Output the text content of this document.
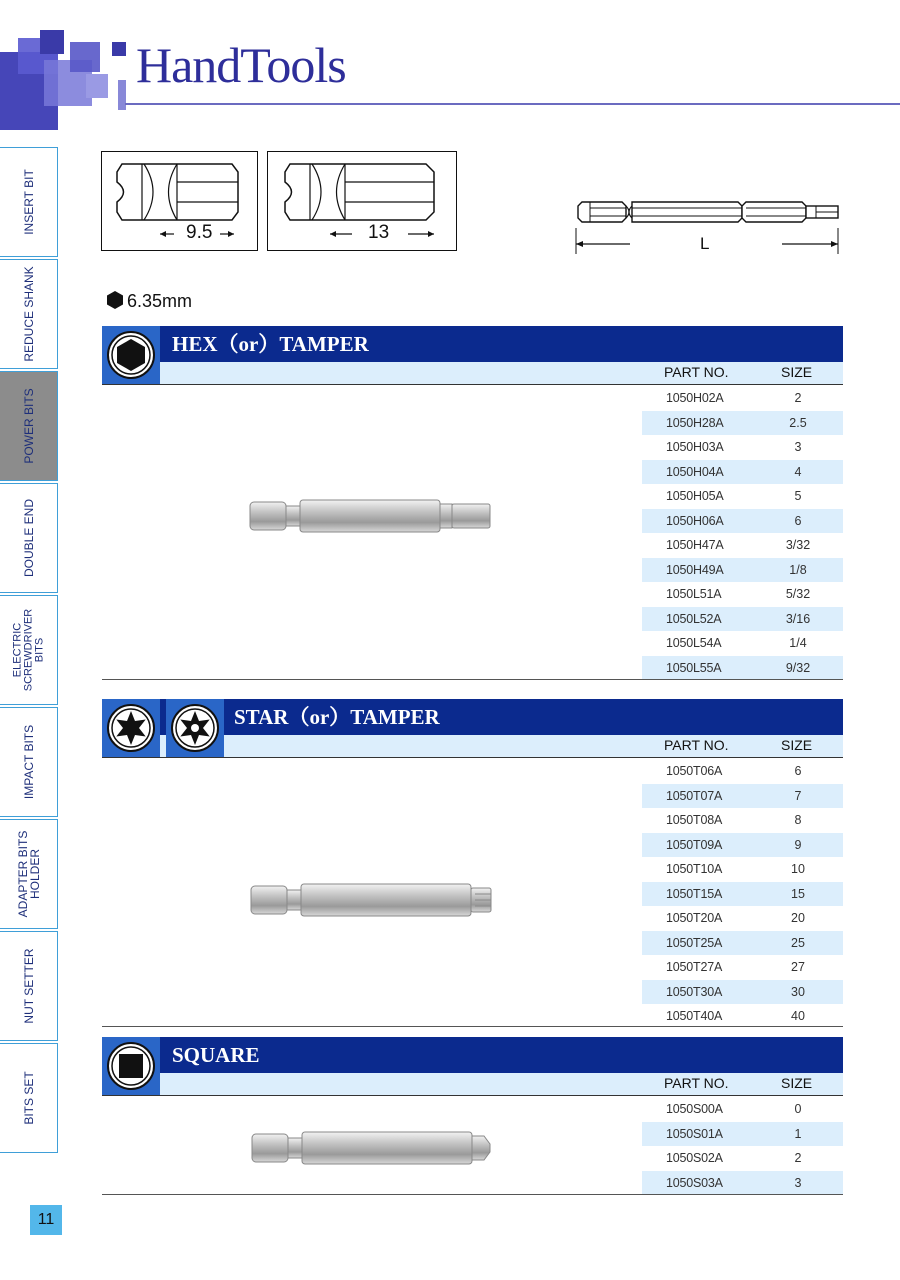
HandTools
INSERT BIT
REDUCE SHANK
POWER BITS
DOUBLE END
ELECTRIC SCREWDRIVER BITS
IMPACT BITS
ADAPTER BITS HOLDER
NUT SETTER
BITS SET
9.5	13
L
6.35mm
HEX（or）TAMPER
PART NO.	SIZE
1050H02A	2
1050H28A	2.5
1050H03A	3
1050H04A	4
1050H05A	5
1050H06A	6
1050H47A	3/32
1050H49A	1/8
1050L51A	5/32
1050L52A	3/16
1050L54A	1/4
1050L55A	9/32
STAR（or）TAMPER
PART NO.	SIZE
1050T06A	6
1050T07A	7
1050T08A	8
1050T09A	9
1050T10A	10
1050T15A	15
1050T20A	20
1050T25A	25
1050T27A	27
1050T30A	30
1050T40A	40
SQUARE
PART NO.	SIZE
1050S00A	0
1050S01A	1
1050S02A	2
1050S03A	3
11
